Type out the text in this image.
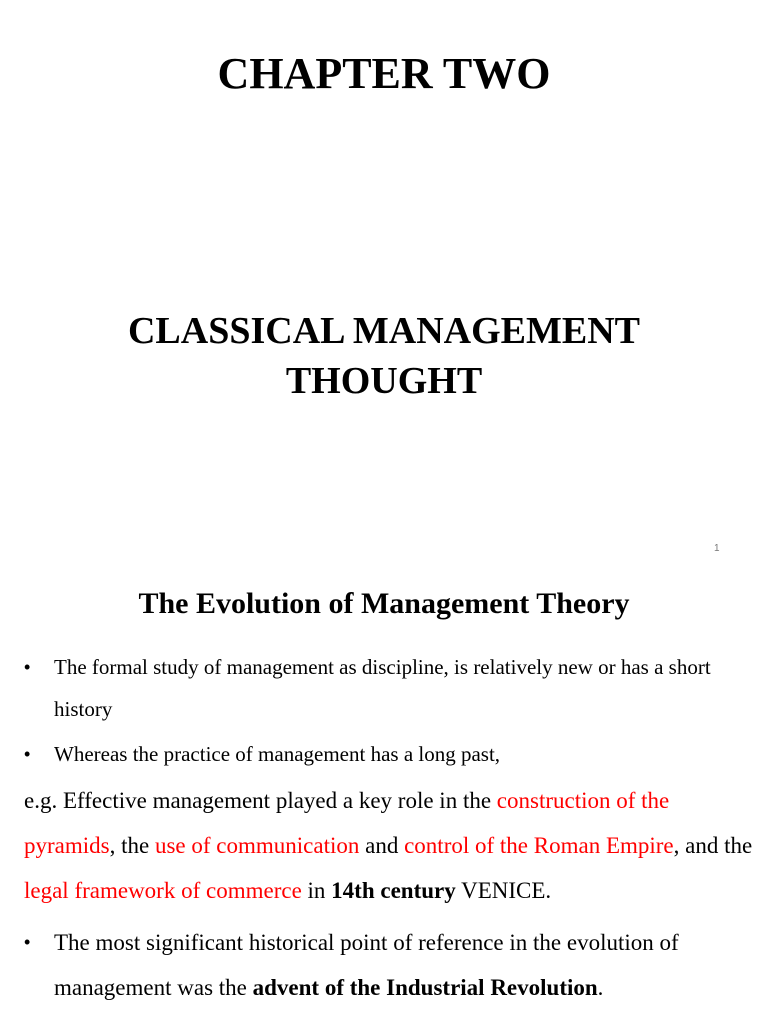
CHAPTER TWO
CLASSICAL MANAGEMENT
THOUGHT
1
The Evolution of Management Theory
• The formal study of management as discipline, is relatively new or has a short history
• Whereas the practice of management has a long past,
e.g. Effective management played a key role in the construction of the pyramids, the use of communication and control of the Roman Empire, and the legal framework of commerce in 14th century VENICE.
• The most significant historical point of reference in the evolution of management was the advent of the Industrial Revolution.
